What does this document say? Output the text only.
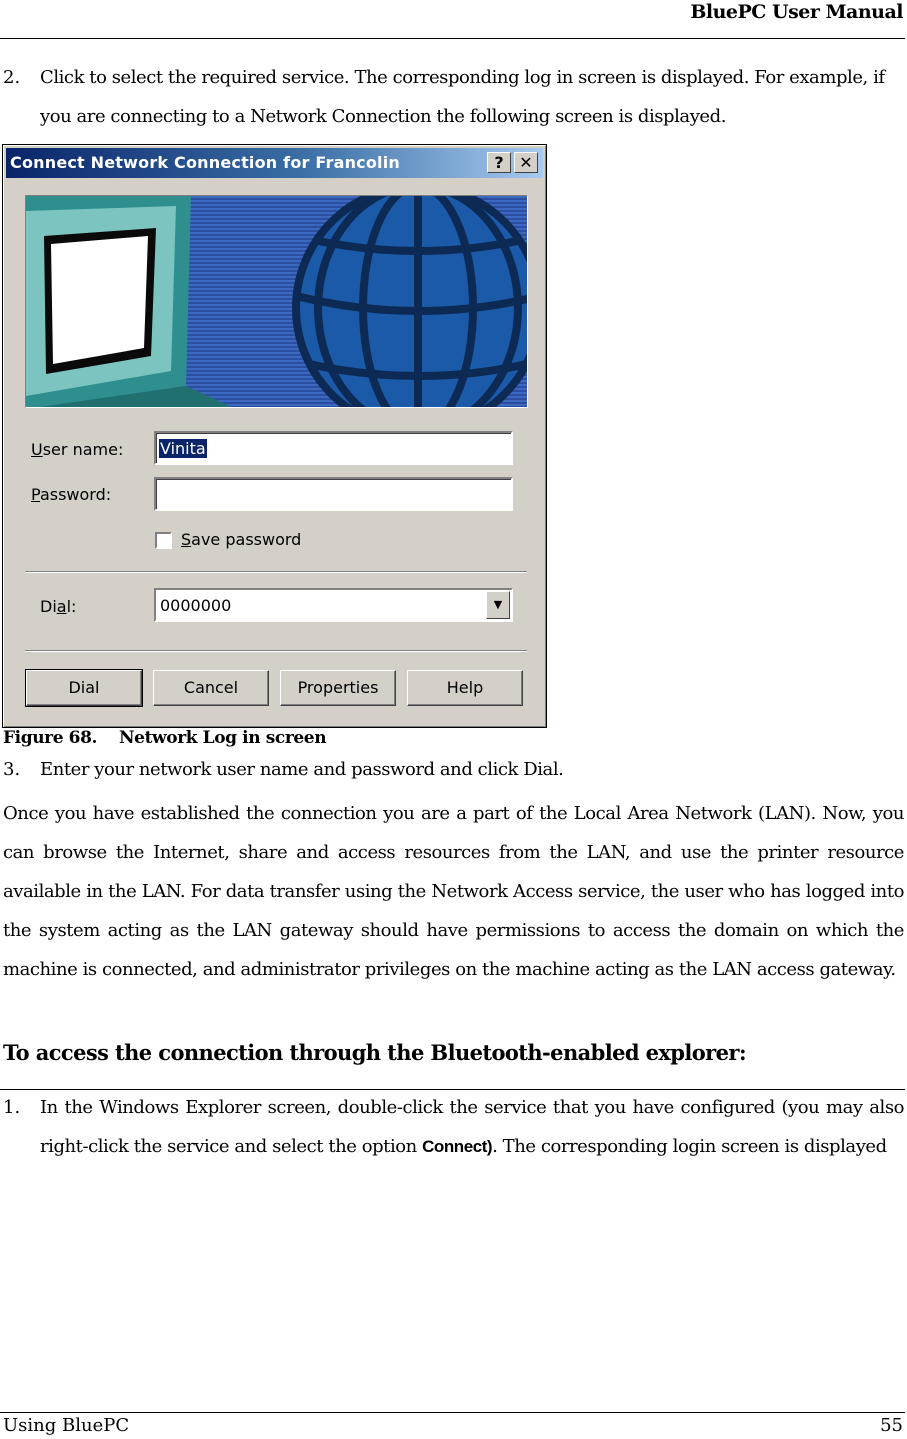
BluePC User Manual
2. Click to select the required service. The corresponding log in screen is displayed. For example, if
you are connecting to a Network Connection the following screen is displayed.
Connect Network Connection for Francolin	? ✕
User name: Vinita
Password:
Save password
Dial:	0000000	▼
Dial	Cancel	Properties	Help
Figure 68. Network Log in screen
3. Enter your network user name and password and click Dial.
Once you have established the connection you are a part of the Local Area Network (LAN). Now, you can browse the Internet, share and access resources from the LAN, and use the printer resource available in the LAN. For data transfer using the Network Access service, the user who has logged into the system acting as the LAN gateway should have permissions to access the domain on which the machine is connected, and administrator privileges on the machine acting as the LAN access gateway.
To access the connection through the Bluetooth-enabled explorer:
1. In the Windows Explorer screen, double-click the service that you have configured (you may also right-click the service and select the option Connect). The corresponding login screen is displayed
Using BluePC	55
